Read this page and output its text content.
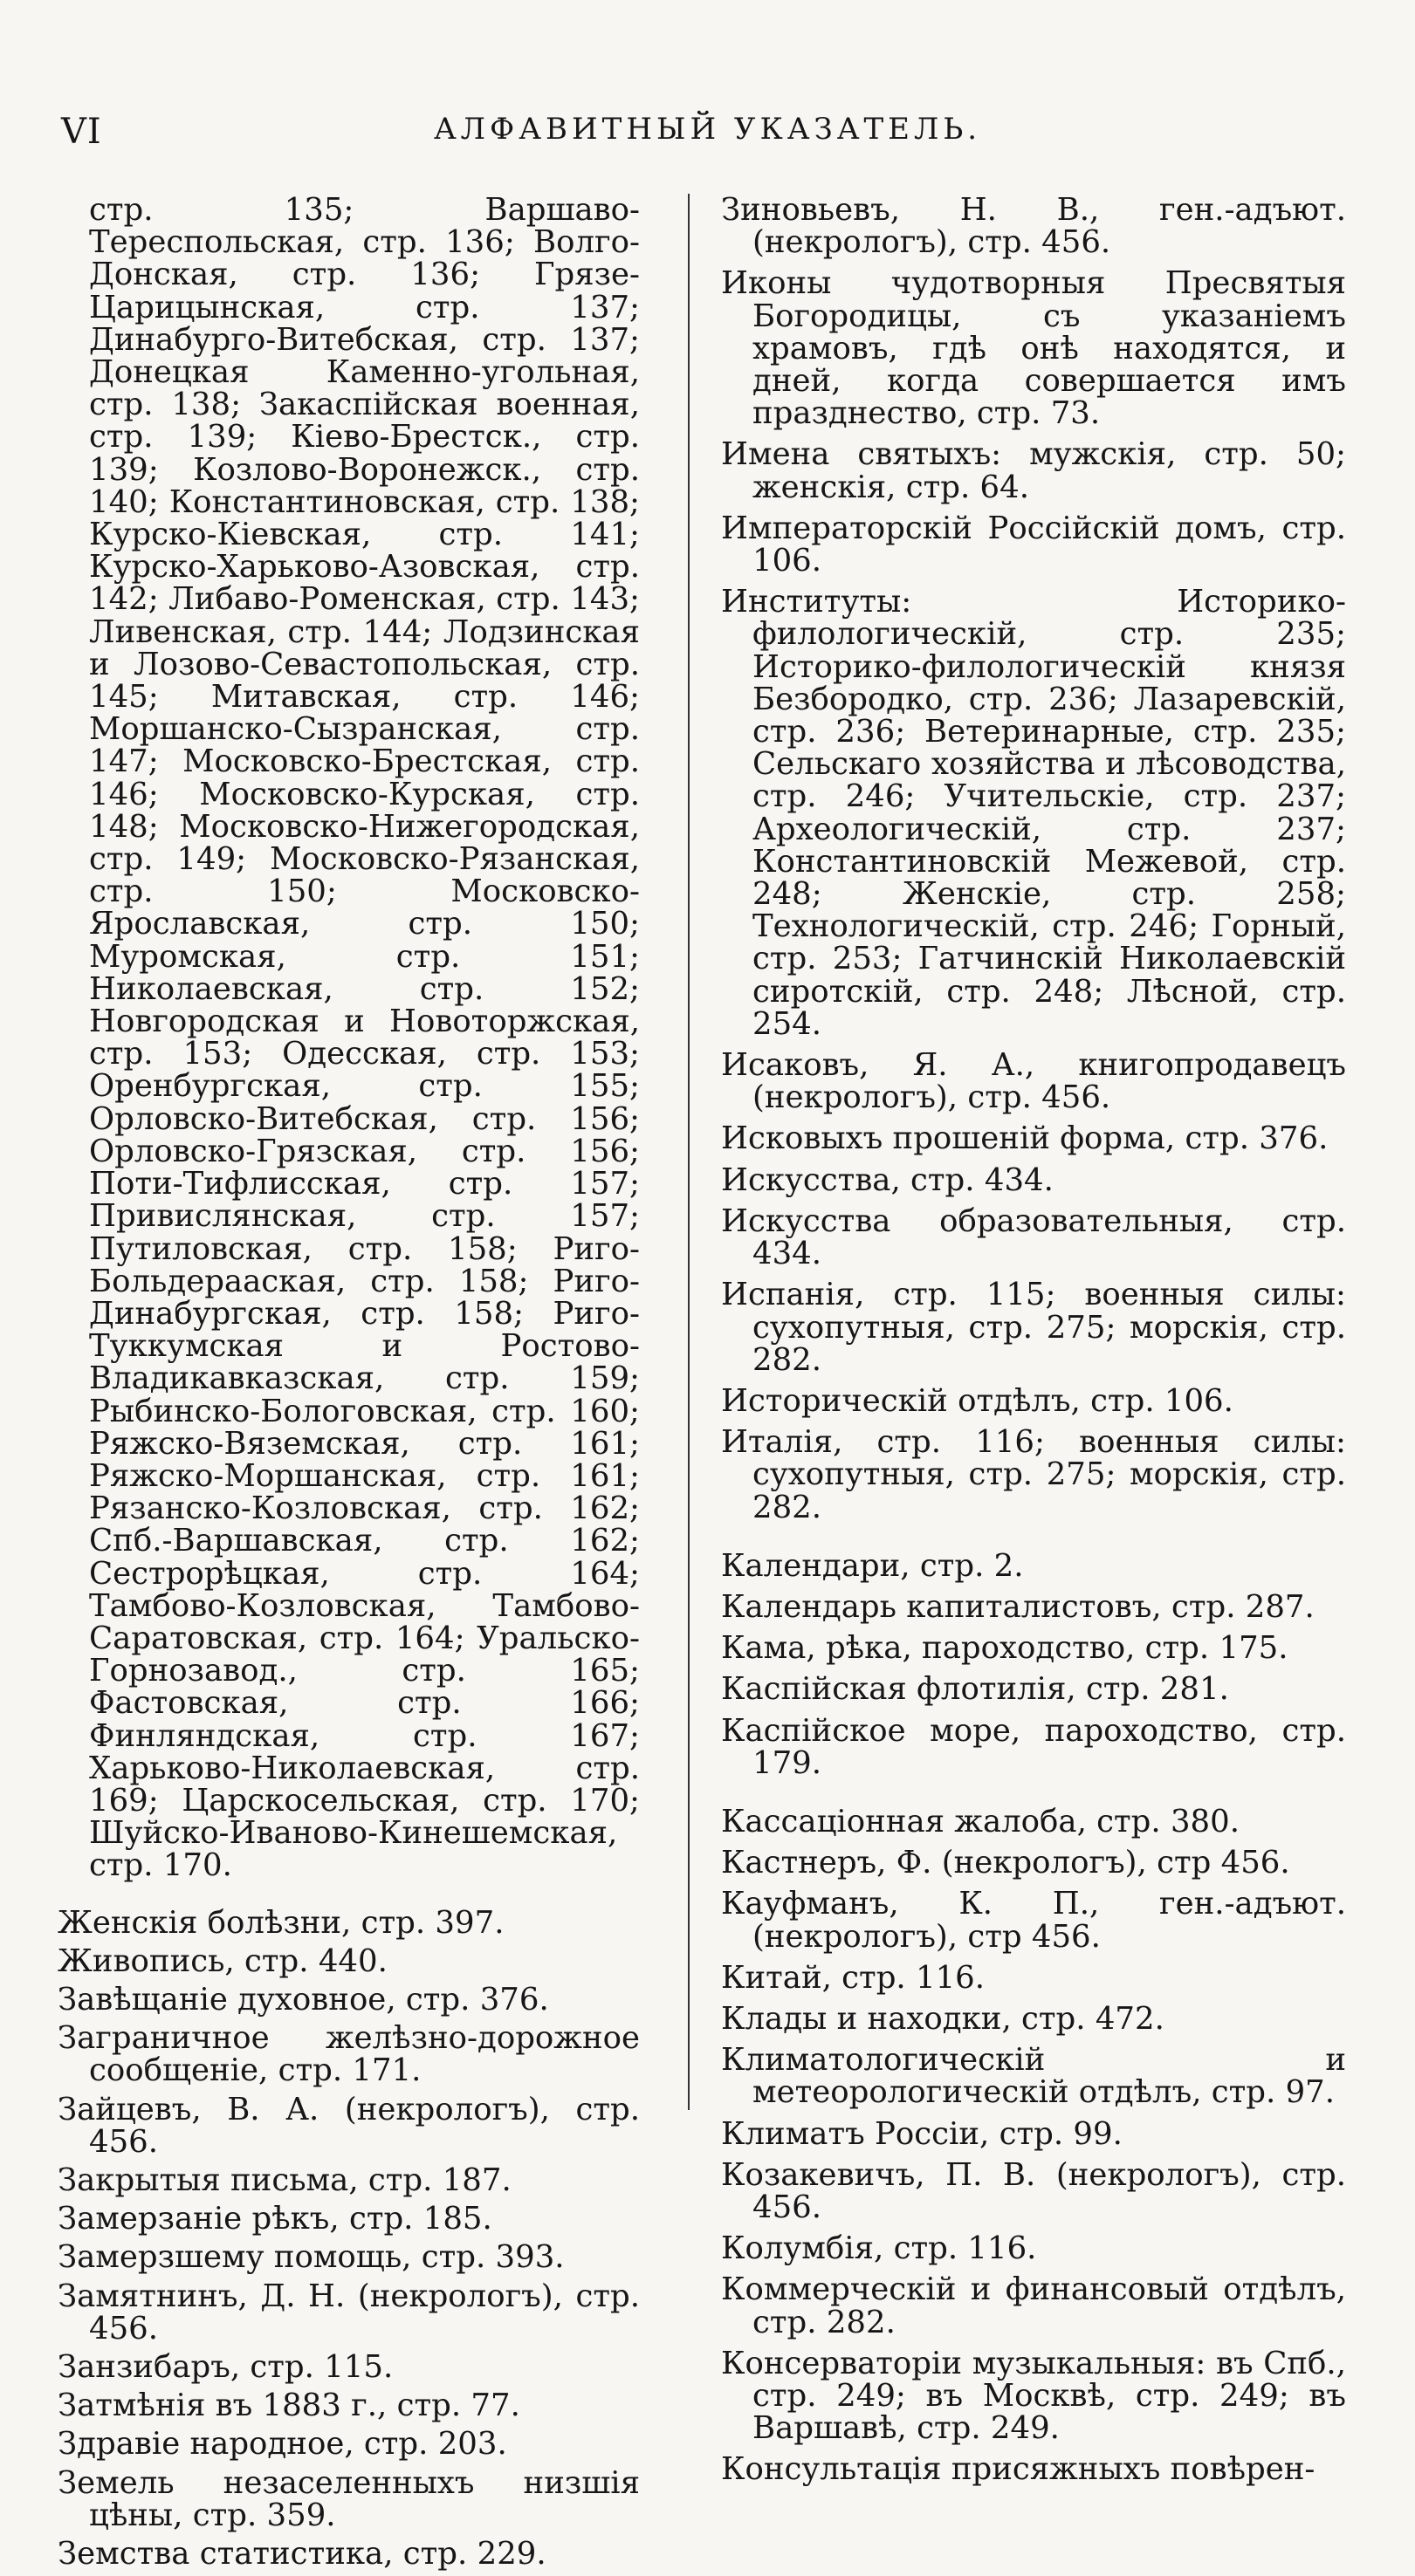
VI	АЛФАВИТНЫЙ УКАЗАТЕЛЬ.

стр. 135; Варшаво-Тереспольская, стр. 136; Волго-Донская, стр. 136; Грязе-Царицынская, стр. 137; Динабурго-Витебская, стр. 137; Донецкая Каменно-угольная, стр. 138; Закаспійская военная, стр. 139; Кіево-Брестск., стр. 139; Козлово-Воронежск., стр. 140; Константиновская, стр. 138; Курско-Кіевская, стр. 141; Курско-Харьково-Азовская, стр. 142; Либаво-Роменская, стр. 143; Ливенская, стр. 144; Лодзинская и Лозово-Севастопольская, стр. 145; Митавская, стр. 146; Моршанско-Сызранская, стр. 147; Московско-Брестская, стр. 146; Московско-Курская, стр. 148; Московско-Нижегородская, стр. 149; Московско-Рязанская, стр. 150; Московско-Ярославская, стр. 150; Муромская, стр. 151; Николаевская, стр. 152; Новгородская и Новоторжская, стр. 153; Одесская, стр. 153; Оренбургская, стр. 155; Орловско-Витебская, стр. 156; Орловско-Грязская, стр. 156; Поти-Тифлисская, стр. 157; Привислянская, стр. 157; Путиловская, стр. 158; Риго-Больдерааская, стр. 158; Риго-Динабургская, стр. 158; Риго-Туккумская и Ростово-Владикавказская, стр. 159; Рыбинско-Бологовская, стр. 160; Ряжско-Вяземская, стр. 161; Ряжско-Моршанская, стр. 161; Рязанско-Козловская, стр. 162; Спб.-Варшавская, стр. 162; Сестрорѣцкая, стр. 164; Тамбово-Козловская, Тамбово-Саратовская, стр. 164; Уральско-Горнозавод., стр. 165; Фастовская, стр. 166; Финляндская, стр. 167; Харьково-Николаевская, стр. 169; Царскосельская, стр. 170; Шуйско-Иваново-Кинешемская, стр. 170.

Женскія болѣзни, стр. 397.

Живопись, стр. 440.

Завѣщаніе духовное, стр. 376.

Заграничное желѣзно-дорожное сообщеніе, стр. 171.

Зайцевъ, В. А. (некрологъ), стр. 456.

Закрытыя письма, стр. 187.

Замерзаніе рѣкъ, стр. 185.

Замерзшему помощь, стр. 393.

Замятнинъ, Д. Н. (некрологъ), стр. 456.

Занзибаръ, стр. 115.

Затмѣнія въ 1883 г., стр. 77.

Здравіе народное, стр. 203.

Земель незаселенныхъ низшія цѣны, стр. 359.

Земства статистика, стр. 229.

Зиновьевъ, Н. В., ген.-адъют. (некрологъ), стр. 456.

Иконы чудотворныя Пресвятыя Богородицы, съ указаніемъ храмовъ, гдѣ онѣ находятся, и дней, когда совершается имъ празднество, стр. 73.

Имена святыхъ: мужскія, стр. 50; женскія, стр. 64.

Императорскій Россійскій домъ, стр. 106.

Институты: Историко-филологическій, стр. 235; Историко-филологическій князя Безбородко, стр. 236; Лазаревскій, стр. 236; Ветеринарные, стр. 235; Сельскаго хозяйства и лѣсоводства, стр. 246; Учительскіе, стр. 237; Археологическій, стр. 237; Константиновскій Межевой, стр. 248; Женскіе, стр. 258; Технологическій, стр. 246; Горный, стр. 253; Гатчинскій Николаевскій сиротскій, стр. 248; Лѣсной, стр. 254.

Исаковъ, Я. А., книгопродавецъ (некрологъ), стр. 456.

Исковыхъ прошеній форма, стр. 376.

Искусства, стр. 434.

Искусства образовательныя, стр. 434.

Испанія, стр. 115; военныя силы: сухопутныя, стр. 275; морскія, стр. 282.

Историческій отдѣлъ, стр. 106.

Италія, стр. 116; военныя силы: сухопутныя, стр. 275; морскія, стр. 282.

Календари, стр. 2.

Календарь капиталистовъ, стр. 287.

Кама, рѣка, пароходство, стр. 175.

Каспійская флотилія, стр. 281.

Каспійское море, пароходство, стр. 179.

Кассаціонная жалоба, стр. 380.

Кастнеръ, Ф. (некрологъ), стр 456.

Кауфманъ, К. П., ген.-адъют. (некрологъ), стр 456.

Китай, стр. 116.

Клады и находки, стр. 472.

Климатологическій и метеорологическій отдѣлъ, стр. 97.

Климатъ Россіи, стр. 99.

Козакевичъ, П. В. (некрологъ), стр. 456.

Колумбія, стр. 116.

Коммерческій и финансовый отдѣлъ, стр. 282.

Консерваторіи музыкальныя: въ Спб., стр. 249; въ Москвѣ, стр. 249; въ Варшавѣ, стр. 249.

Консультація присяжныхъ повѣрен-
